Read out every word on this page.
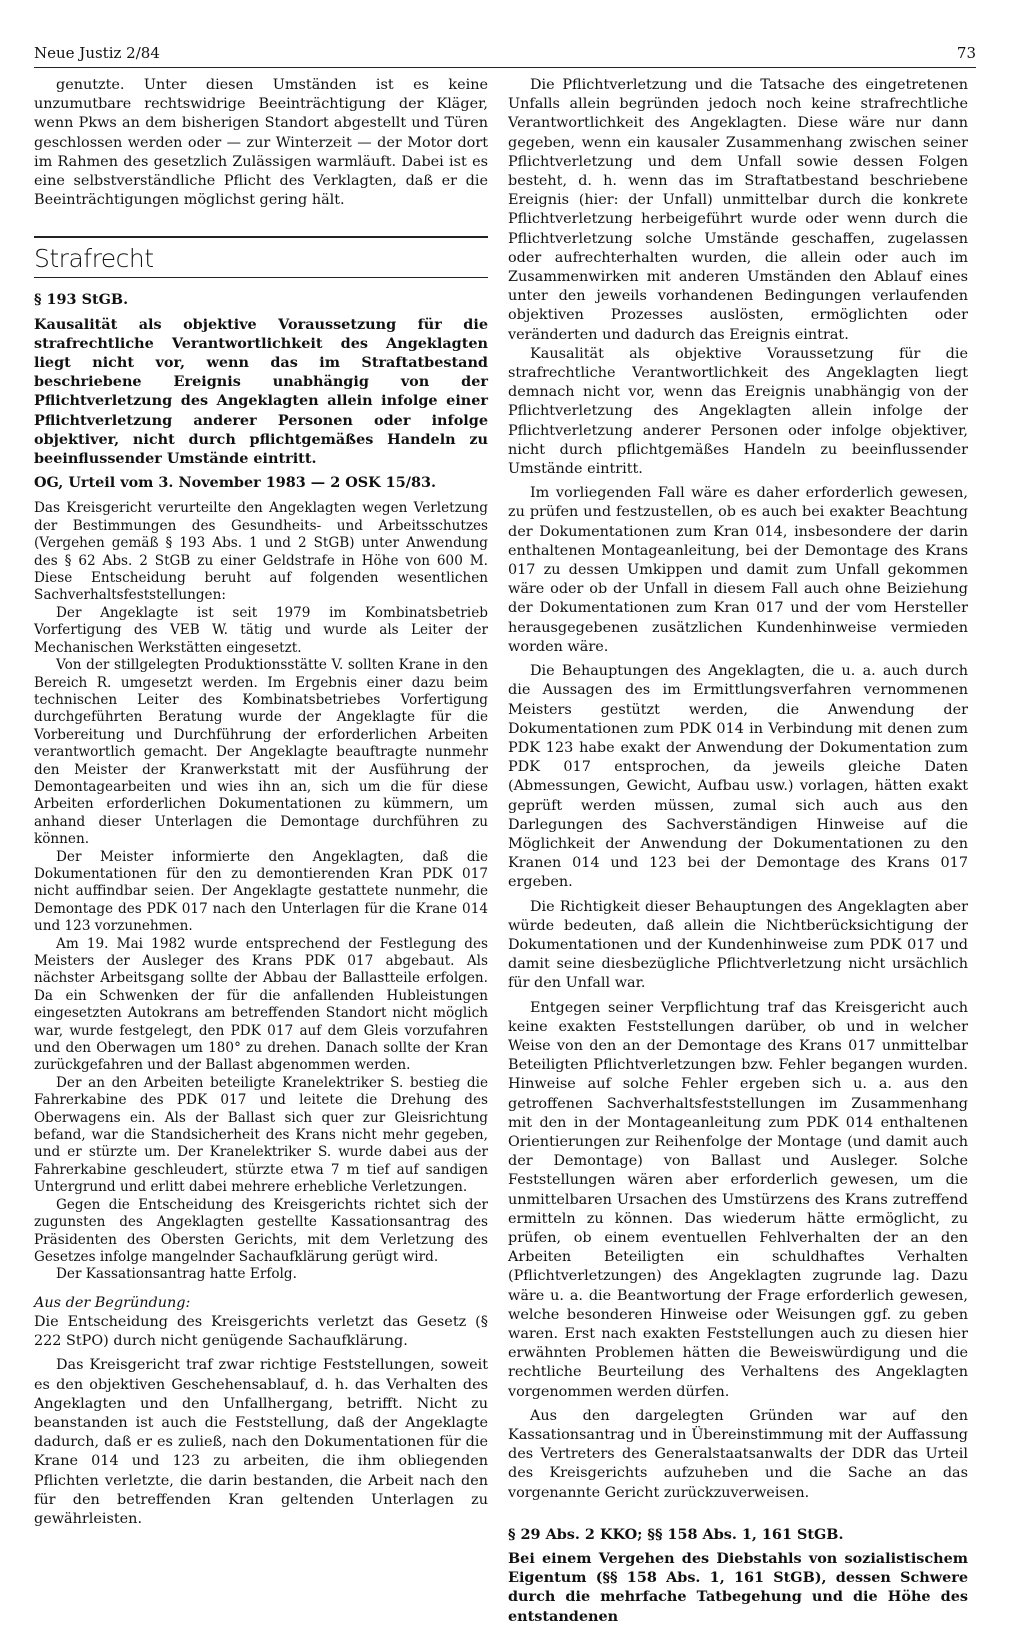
Neue Justiz 2/84	73

genutzte. Unter diesen Umständen ist es keine unzumutbare rechtswidrige Beeinträchtigung der Kläger, wenn Pkws an dem bisherigen Standort abgestellt und Türen geschlossen werden oder — zur Winterzeit — der Motor dort im Rahmen des gesetzlich Zulässigen warmläuft. Dabei ist es eine selbstverständliche Pflicht des Verklagten, daß er die Beeinträchtigungen möglichst gering hält.

Strafrecht

§ 193 StGB.

Kausalität als objektive Voraussetzung für die strafrechtliche Verantwortlichkeit des Angeklagten liegt nicht vor, wenn das im Straftatbestand beschriebene Ereignis unabhängig von der Pflichtverletzung des Angeklagten allein infolge einer Pflichtverletzung anderer Personen oder infolge objektiver, nicht durch pflichtgemäßes Handeln zu beeinflussender Umstände eintritt.

OG, Urteil vom 3. November 1983 — 2 OSK 15/83.

Das Kreisgericht verurteilte den Angeklagten wegen Verletzung der Bestimmungen des Gesundheits- und Arbeitsschutzes (Vergehen gemäß § 193 Abs. 1 und 2 StGB) unter Anwendung des § 62 Abs. 2 StGB zu einer Geldstrafe in Höhe von 600 M. Diese Entscheidung beruht auf folgenden wesentlichen Sachverhaltsfeststellungen:

Der Angeklagte ist seit 1979 im Kombinatsbetrieb Vorfertigung des VEB W. tätig und wurde als Leiter der Mechanischen Werkstätten eingesetzt.

Von der stillgelegten Produktionsstätte V. sollten Krane in den Bereich R. umgesetzt werden. Im Ergebnis einer dazu beim technischen Leiter des Kombinatsbetriebes Vorfertigung durchgeführten Beratung wurde der Angeklagte für die Vorbereitung und Durchführung der erforderlichen Arbeiten verantwortlich gemacht. Der Angeklagte beauftragte nunmehr den Meister der Kranwerkstatt mit der Ausführung der Demontagearbeiten und wies ihn an, sich um die für diese Arbeiten erforderlichen Dokumentationen zu kümmern, um anhand dieser Unterlagen die Demontage durchführen zu können.

Der Meister informierte den Angeklagten, daß die Dokumentationen für den zu demontierenden Kran PDK 017 nicht auffindbar seien. Der Angeklagte gestattete nunmehr, die Demontage des PDK 017 nach den Unterlagen für die Krane 014 und 123 vorzunehmen.

Am 19. Mai 1982 wurde entsprechend der Festlegung des Meisters der Ausleger des Krans PDK 017 abgebaut. Als nächster Arbeitsgang sollte der Abbau der Ballastteile erfolgen. Da ein Schwenken der für die anfallenden Hubleistungen eingesetzten Autokrans am betreffenden Standort nicht möglich war, wurde festgelegt, den PDK 017 auf dem Gleis vorzufahren und den Oberwagen um 180° zu drehen. Danach sollte der Kran zurückgefahren und der Ballast abgenommen werden.

Der an den Arbeiten beteiligte Kranelektriker S. bestieg die Fahrerkabine des PDK 017 und leitete die Drehung des Oberwagens ein. Als der Ballast sich quer zur Gleisrichtung befand, war die Standsicherheit des Krans nicht mehr gegeben, und er stürzte um. Der Kranelektriker S. wurde dabei aus der Fahrerkabine geschleudert, stürzte etwa 7 m tief auf sandigen Untergrund und erlitt dabei mehrere erhebliche Verletzungen.

Gegen die Entscheidung des Kreisgerichts richtet sich der zugunsten des Angeklagten gestellte Kassationsantrag des Präsidenten des Obersten Gerichts, mit dem Verletzung des Gesetzes infolge mangelnder Sachaufklärung gerügt wird.

Der Kassationsantrag hatte Erfolg.

Aus der Begründung:

Die Entscheidung des Kreisgerichts verletzt das Gesetz (§ 222 StPO) durch nicht genügende Sachaufklärung.

Das Kreisgericht traf zwar richtige Feststellungen, soweit es den objektiven Geschehensablauf, d. h. das Verhalten des Angeklagten und den Unfallhergang, betrifft. Nicht zu beanstanden ist auch die Feststellung, daß der Angeklagte dadurch, daß er es zuließ, nach den Dokumentationen für die Krane 014 und 123 zu arbeiten, die ihm obliegenden Pflichten verletzte, die darin bestanden, die Arbeit nach den für den betreffenden Kran geltenden Unterlagen zu gewährleisten.

Die Pflichtverletzung und die Tatsache des eingetretenen Unfalls allein begründen jedoch noch keine strafrechtliche Verantwortlichkeit des Angeklagten. Diese wäre nur dann gegeben, wenn ein kausaler Zusammenhang zwischen seiner Pflichtverletzung und dem Unfall sowie dessen Folgen besteht, d. h. wenn das im Straftatbestand beschriebene Ereignis (hier: der Unfall) unmittelbar durch die konkrete Pflichtverletzung herbeigeführt wurde oder wenn durch die Pflichtverletzung solche Umstände geschaffen, zugelassen oder aufrechterhalten wurden, die allein oder auch im Zusammenwirken mit anderen Umständen den Ablauf eines unter den jeweils vorhandenen Bedingungen verlaufenden objektiven Prozesses auslösten, ermöglichten oder veränderten und dadurch das Ereignis eintrat.

Kausalität als objektive Voraussetzung für die strafrechtliche Verantwortlichkeit des Angeklagten liegt demnach nicht vor, wenn das Ereignis unabhängig von der Pflichtverletzung des Angeklagten allein infolge der Pflichtverletzung anderer Personen oder infolge objektiver, nicht durch pflichtgemäßes Handeln zu beeinflussender Umstände eintritt.

Im vorliegenden Fall wäre es daher erforderlich gewesen, zu prüfen und festzustellen, ob es auch bei exakter Beachtung der Dokumentationen zum Kran 014, insbesondere der darin enthaltenen Montageanleitung, bei der Demontage des Krans 017 zu dessen Umkippen und damit zum Unfall gekommen wäre oder ob der Unfall in diesem Fall auch ohne Beiziehung der Dokumentationen zum Kran 017 und der vom Hersteller herausgegebenen zusätzlichen Kundenhinweise vermieden worden wäre.

Die Behauptungen des Angeklagten, die u. a. auch durch die Aussagen des im Ermittlungsverfahren vernommenen Meisters gestützt werden, die Anwendung der Dokumentationen zum PDK 014 in Verbindung mit denen zum PDK 123 habe exakt der Anwendung der Dokumentation zum PDK 017 entsprochen, da jeweils gleiche Daten (Abmessungen, Gewicht, Aufbau usw.) vorlagen, hätten exakt geprüft werden müssen, zumal sich auch aus den Darlegungen des Sachverständigen Hinweise auf die Möglichkeit der Anwendung der Dokumentationen zu den Kranen 014 und 123 bei der Demontage des Krans 017 ergeben.

Die Richtigkeit dieser Behauptungen des Angeklagten aber würde bedeuten, daß allein die Nichtberücksichtigung der Dokumentationen und der Kundenhinweise zum PDK 017 und damit seine diesbezügliche Pflichtverletzung nicht ursächlich für den Unfall war.

Entgegen seiner Verpflichtung traf das Kreisgericht auch keine exakten Feststellungen darüber, ob und in welcher Weise von den an der Demontage des Krans 017 unmittelbar Beteiligten Pflichtverletzungen bzw. Fehler begangen wurden. Hinweise auf solche Fehler ergeben sich u. a. aus den getroffenen Sachverhaltsfeststellungen im Zusammenhang mit den in der Montageanleitung zum PDK 014 enthaltenen Orientierungen zur Reihenfolge der Montage (und damit auch der Demontage) von Ballast und Ausleger. Solche Feststellungen wären aber erforderlich gewesen, um die unmittelbaren Ursachen des Umstürzens des Krans zutreffend ermitteln zu können. Das wiederum hätte ermöglicht, zu prüfen, ob einem eventuellen Fehlverhalten der an den Arbeiten Beteiligten ein schuldhaftes Verhalten (Pflichtverletzungen) des Angeklagten zugrunde lag. Dazu wäre u. a. die Beantwortung der Frage erforderlich gewesen, welche besonderen Hinweise oder Weisungen ggf. zu geben waren. Erst nach exakten Feststellungen auch zu diesen hier erwähnten Problemen hätten die Beweiswürdigung und die rechtliche Beurteilung des Verhaltens des Angeklagten vorgenommen werden dürfen.

Aus den dargelegten Gründen war auf den Kassationsantrag und in Übereinstimmung mit der Auffassung des Vertreters des Generalstaatsanwalts der DDR das Urteil des Kreisgerichts aufzuheben und die Sache an das vorgenannte Gericht zurückzuverweisen.

§ 29 Abs. 2 KKO; §§ 158 Abs. 1, 161 StGB.

Bei einem Vergehen des Diebstahls von sozialistischem Eigentum (§§ 158 Abs. 1, 161 StGB), dessen Schwere durch die mehrfache Tatbegehung und die Höhe des entstandenen
